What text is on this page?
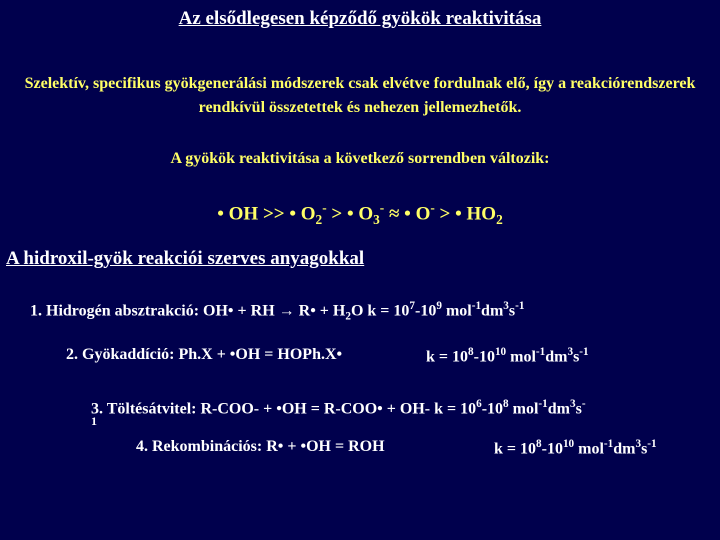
Az elsődlegesen képződő gyökök reaktivitása
Szelektív, specifikus gyökgenerálási módszerek csak elvétve fordulnak elő, így a reakciórendszerek rendkívül összetettek és nehezen jellemezhetők.
A gyökök reaktivitása a következő sorrendben változik:
• OH >> • $O_2^-$ > • $O_3^-$ ≈ • O- > • $HO_2$
A hidroxil-gyök reakciói szerves anyagokkal
1. Hidrogén absztrakció: OH• + RH → R• + $H_2O$ $k = 10^7-10^9$ $mol^{-1}dm^3s^{-1}$
2. Gyökaddíció: Ph.X + •OH = HOPh.X•	$k = 10^8-10^{10}$ $mol^{-1}dm^3s^{-1}$
3. Töltésátvitel: R-COO- + •OH = R-COO• + OH- $k = 10^6-10^8$ $mol^{-1}dm^3s^-$
1
4. Rekombinációs: R• + •OH = ROH	$k = 10^8-10^{10}$ $mol^{-1}dm^3s^{-1}$
